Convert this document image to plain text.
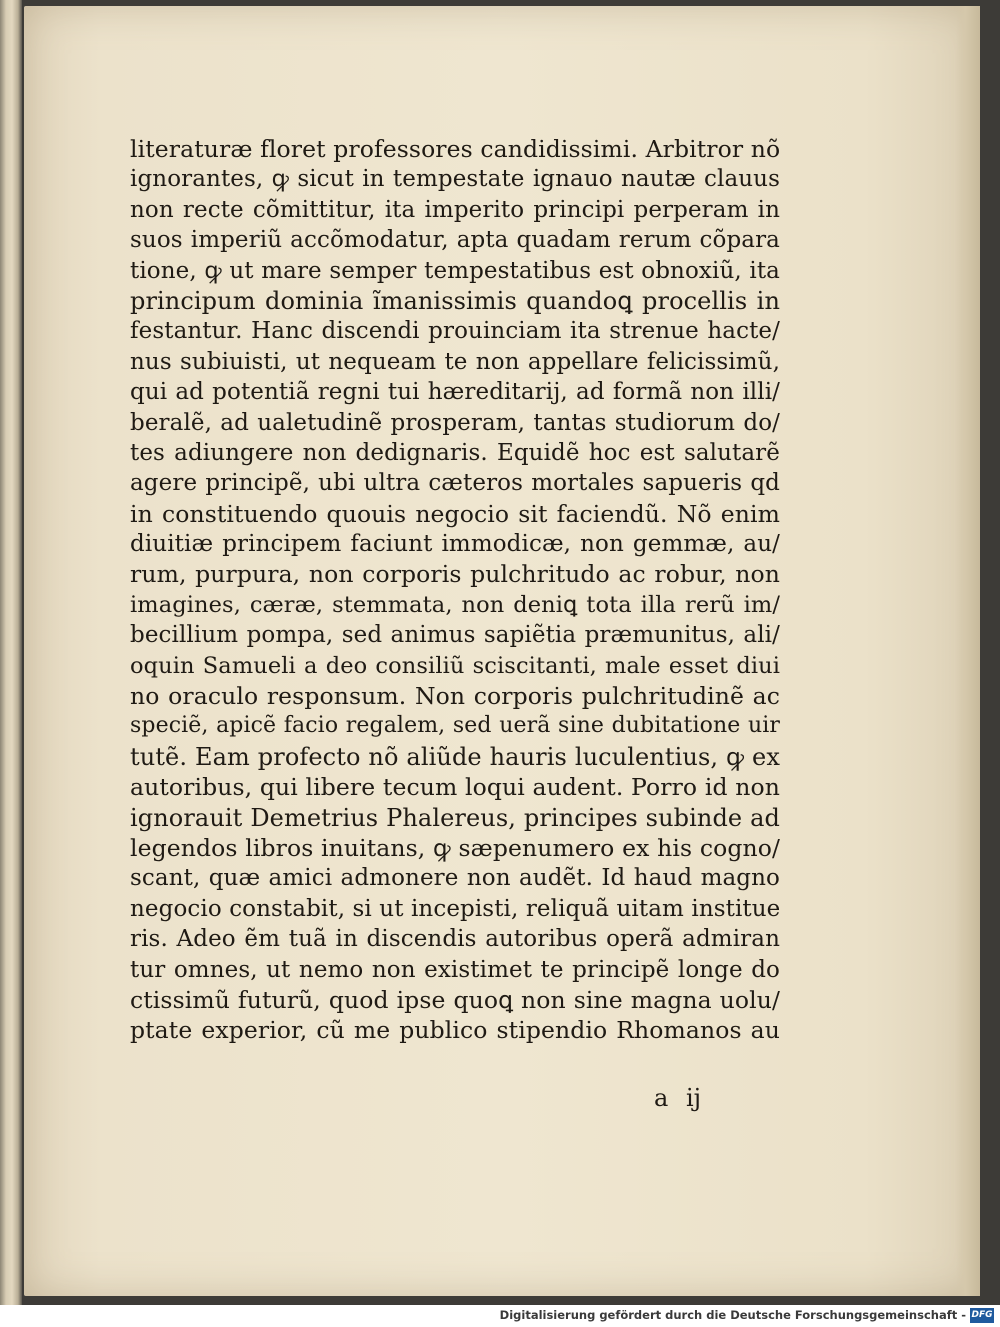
literaturæ floret professores candidissimi. Arbitror nõ
ignorantes, ꝙ sicut in tempestate ignauo nautæ clauus
non recte cõmittitur, ita imperito principi perperam in
suos imperiũ accõmodatur, apta quadam rerum cõpara
tione, ꝙ ut mare semper tempestatibus est obnoxiũ, ita
principum dominia ĩmanissimis quandoꝗ procellis in
festantur. Hanc discendi prouinciam ita strenue hacte/
nus subiuisti, ut nequeam te non appellare felicissimũ,
qui ad potentiã regni tui hæreditarij, ad formã non illi/
beralẽ, ad ualetudinẽ prosperam, tantas studiorum do/
tes adiungere non dedignaris. Equidẽ hoc est salutarẽ
agere principẽ, ubi ultra cæteros mortales sapueris qd
in constituendo quouis negocio sit faciendũ. Nõ enim
diuitiæ principem faciunt immodicæ, non gemmæ, au/
rum, purpura, non corporis pulchritudo ac robur, non
imagines, cæræ, stemmata, non deniꝗ tota illa rerũ im/
becillium pompa, sed animus sapiẽtia præmunitus, ali/
oquin Samueli a deo consiliũ sciscitanti, male esset diui
no oraculo responsum. Non corporis pulchritudinẽ ac
speciẽ, apicẽ facio regalem, sed uerã sine dubitatione uir
tutẽ. Eam profecto nõ aliũde hauris luculentius, ꝙ ex
autoribus, qui libere tecum loqui audent. Porro id non
ignorauit Demetrius Phalereus, principes subinde ad
legendos libros inuitans, ꝙ sæpenumero ex his cogno/
scant, quæ amici admonere non audẽt. Id haud magno
negocio constabit, si ut incepisti, reliquã uitam institue
ris. Adeo ẽm tuã in discendis autoribus operã admiran
tur omnes, ut nemo non existimet te principẽ longe do
ctissimũ futurũ, quod ipse quoꝗ non sine magna uolu/
ptate experior, cũ me publico stipendio Rhomanos au
a ij
Digitalisierung gefördert durch die Deutsche Forschungsgemeinschaft - DFG
